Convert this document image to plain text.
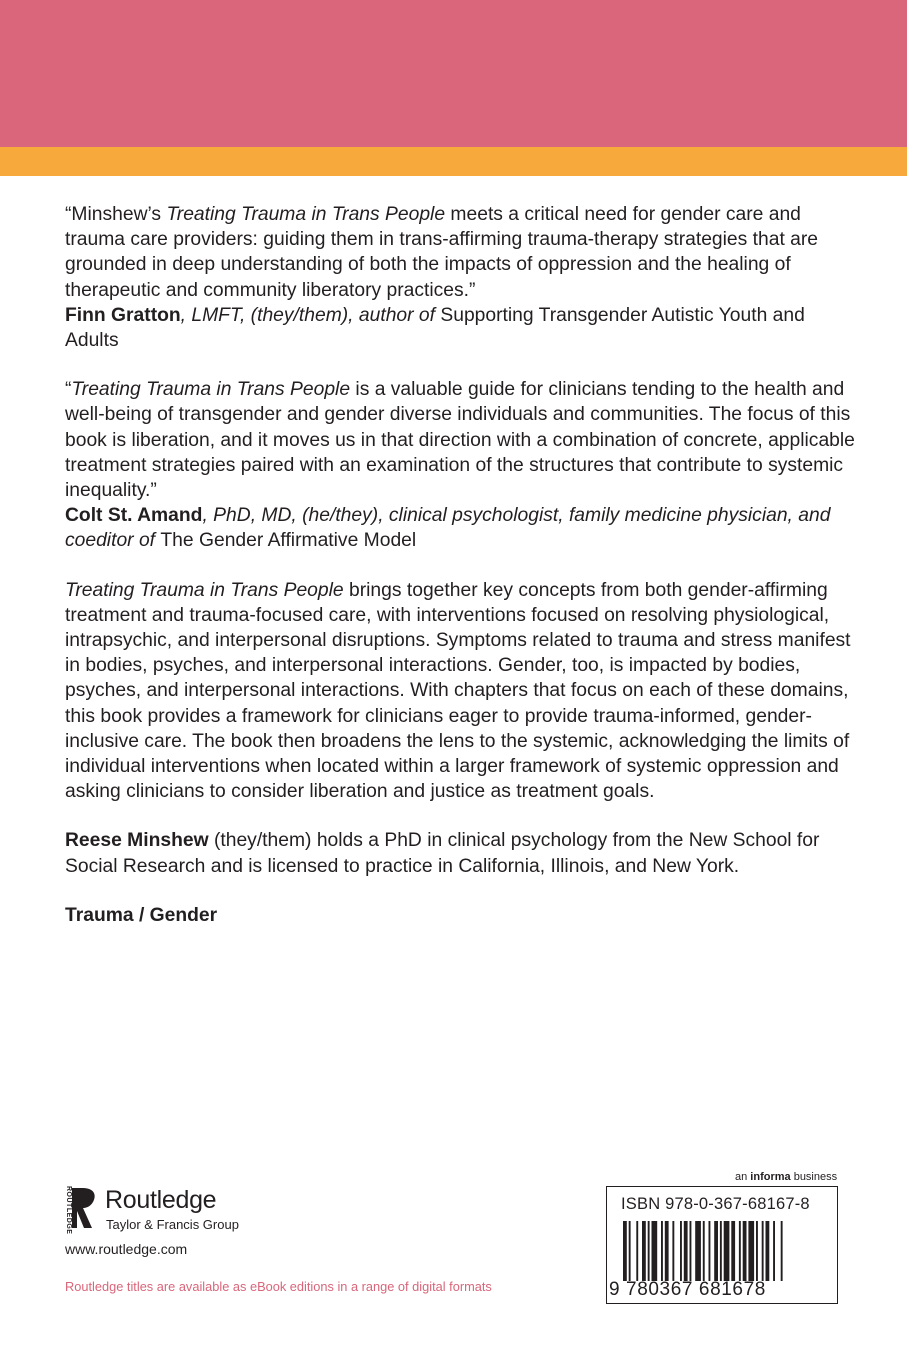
“Minshew’s Treating Trauma in Trans People meets a critical need for gender care and trauma care providers: guiding them in trans-affirming trauma-therapy strategies that are grounded in deep understanding of both the impacts of oppression and the healing of therapeutic and community liberatory practices.”
Finn Gratton, LMFT, (they/them), author of Supporting Transgender Autistic Youth and Adults

“Treating Trauma in Trans People is a valuable guide for clinicians tending to the health and well-being of transgender and gender diverse individuals and communities. The focus of this book is liberation, and it moves us in that direction with a combination of concrete, applicable treatment strategies paired with an examination of the structures that contribute to systemic inequality.”
Colt St. Amand, PhD, MD, (he/they), clinical psychologist, family medicine physician, and coeditor of The Gender Affirmative Model

Treating Trauma in Trans People brings together key concepts from both gender-affirming treatment and trauma-focused care, with interventions focused on resolving physiological, intrapsychic, and interpersonal disruptions. Symptoms related to trauma and stress manifest in bodies, psyches, and interpersonal interactions. Gender, too, is impacted by bodies, psyches, and interpersonal interactions. With chapters that focus on each of these domains, this book provides a framework for clinicians eager to provide trauma-informed, gender-inclusive care. The book then broadens the lens to the systemic, acknowledging the limits of individual interventions when located within a larger framework of systemic oppression and asking clinicians to consider liberation and justice as treatment goals.

Reese Minshew (they/them) holds a PhD in clinical psychology from the New School for Social Research and is licensed to practice in California, Illinois, and New York.

Trauma / Gender

ROUTLEDGE Routledge
Taylor & Francis Group
www.routledge.com
Routledge titles are available as eBook editions in a range of digital formats
an informa business
ISBN 978-0-367-68167-8
9 780367 681678
